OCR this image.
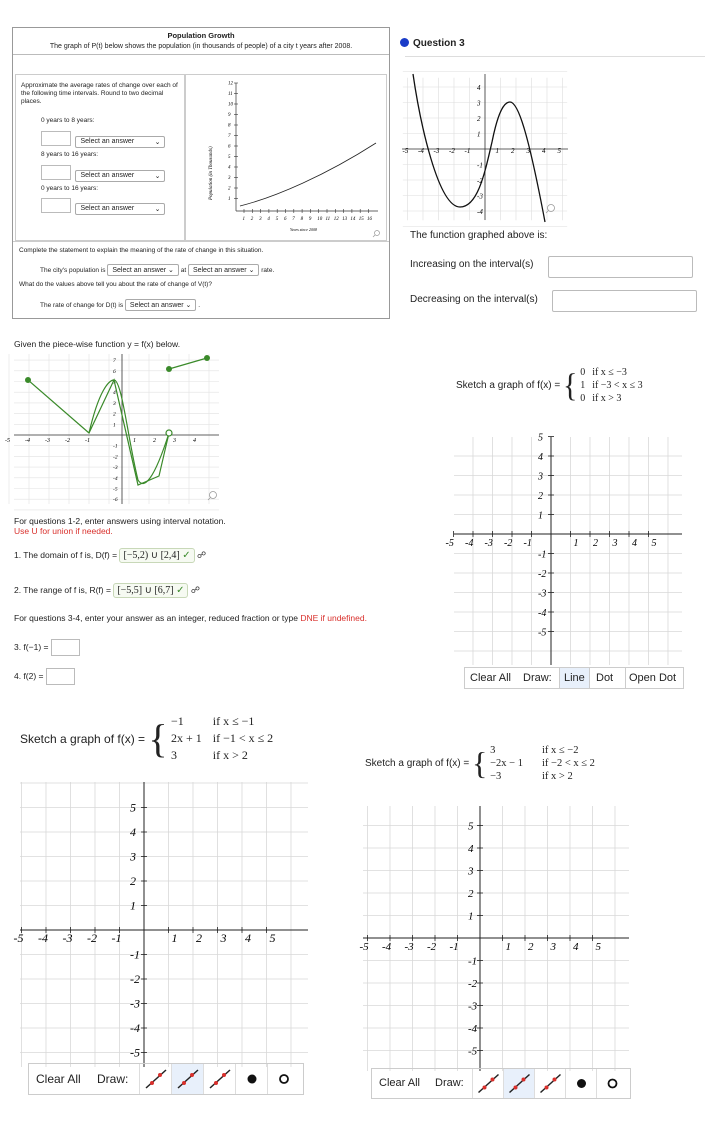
Population Growth
The graph of P(t) below shows the population (in thousands of people) of a city t years after 2008.
Approximate the average rates of change over each of the following time intervals. Round to two decimal places.
0 years to 8 years:
Select an answer	⌄
8 years to 16 years:
Select an answer	⌄
0 years to 16 years:
Select an answer	⌄
Population (in Thousands)
12
11
10
9
8
7
6
5
4
3
2
1
1 2 3 4 5 6 7 8 9 10 11 12 13 14 15 16
Years since 2008
Complete the statement to explain the meaning of the rate of change in this situation.
The city's population is Select an answer ⌄ at Select an answer ⌄ rate.
What do the values above tell you about the rate of change of V(t)?
The rate of change for D(t) is Select an answer ⌄ .
Question 3
-5 -4 -3 -2 -1	1 2 3 4 5
4
3
2
1
-1
-2
-3
-4
The function graphed above is:
Increasing on the interval(s)
Decreasing on the interval(s)
Given the piece-wise function y = f(x) below.
-5	-4	-3	-2	-1	1	2	3	4
7
6
5
4
3
2
1
-1
-2
-3
-4
-5
-6
For questions 1-2, enter answers using interval notation.
Use U for union if needed.
1. The domain of f is, D(f) = [−5,2) ∪ [2,4] ✓ ☍
2. The range of f is, R(f) = [−5,5] ∪ [6,7] ✓ ☍
For questions 3-4, enter your answer as an integer, reduced fraction or type DNE if undefined.
3. f(−1) =
4. f(2) =
Sketch a graph of f(x) = { 0	if x ≤ −3
1	if −3 < x ≤ 3
0	if x > 3
-5 -4 -3 -2 -1	1 2 3 4 5
5
4
3
2
1
-1
-2
-3
-4
-5
Clear All Draw:	Line	Dot	Open Dot
Sketch a graph of f(x) = { −1	if x ≤ −1
2x + 1	if −1 < x ≤ 2
3	if x > 2
-5 -4 -3 -2 -1	1 2 3 4 5
5
4
3
2
1
-1
-2
-3
-4
-5
Clear All Draw:
Sketch a graph of f(x) = { 3	if x ≤ −2
−2x − 1	if −2 < x ≤ 2
−3	if x > 2
-5 -4 -3 -2 -1	1 2 3 4 5
5
4
3
2
1
-1
-2
-3
-4
-5
Clear All Draw:
